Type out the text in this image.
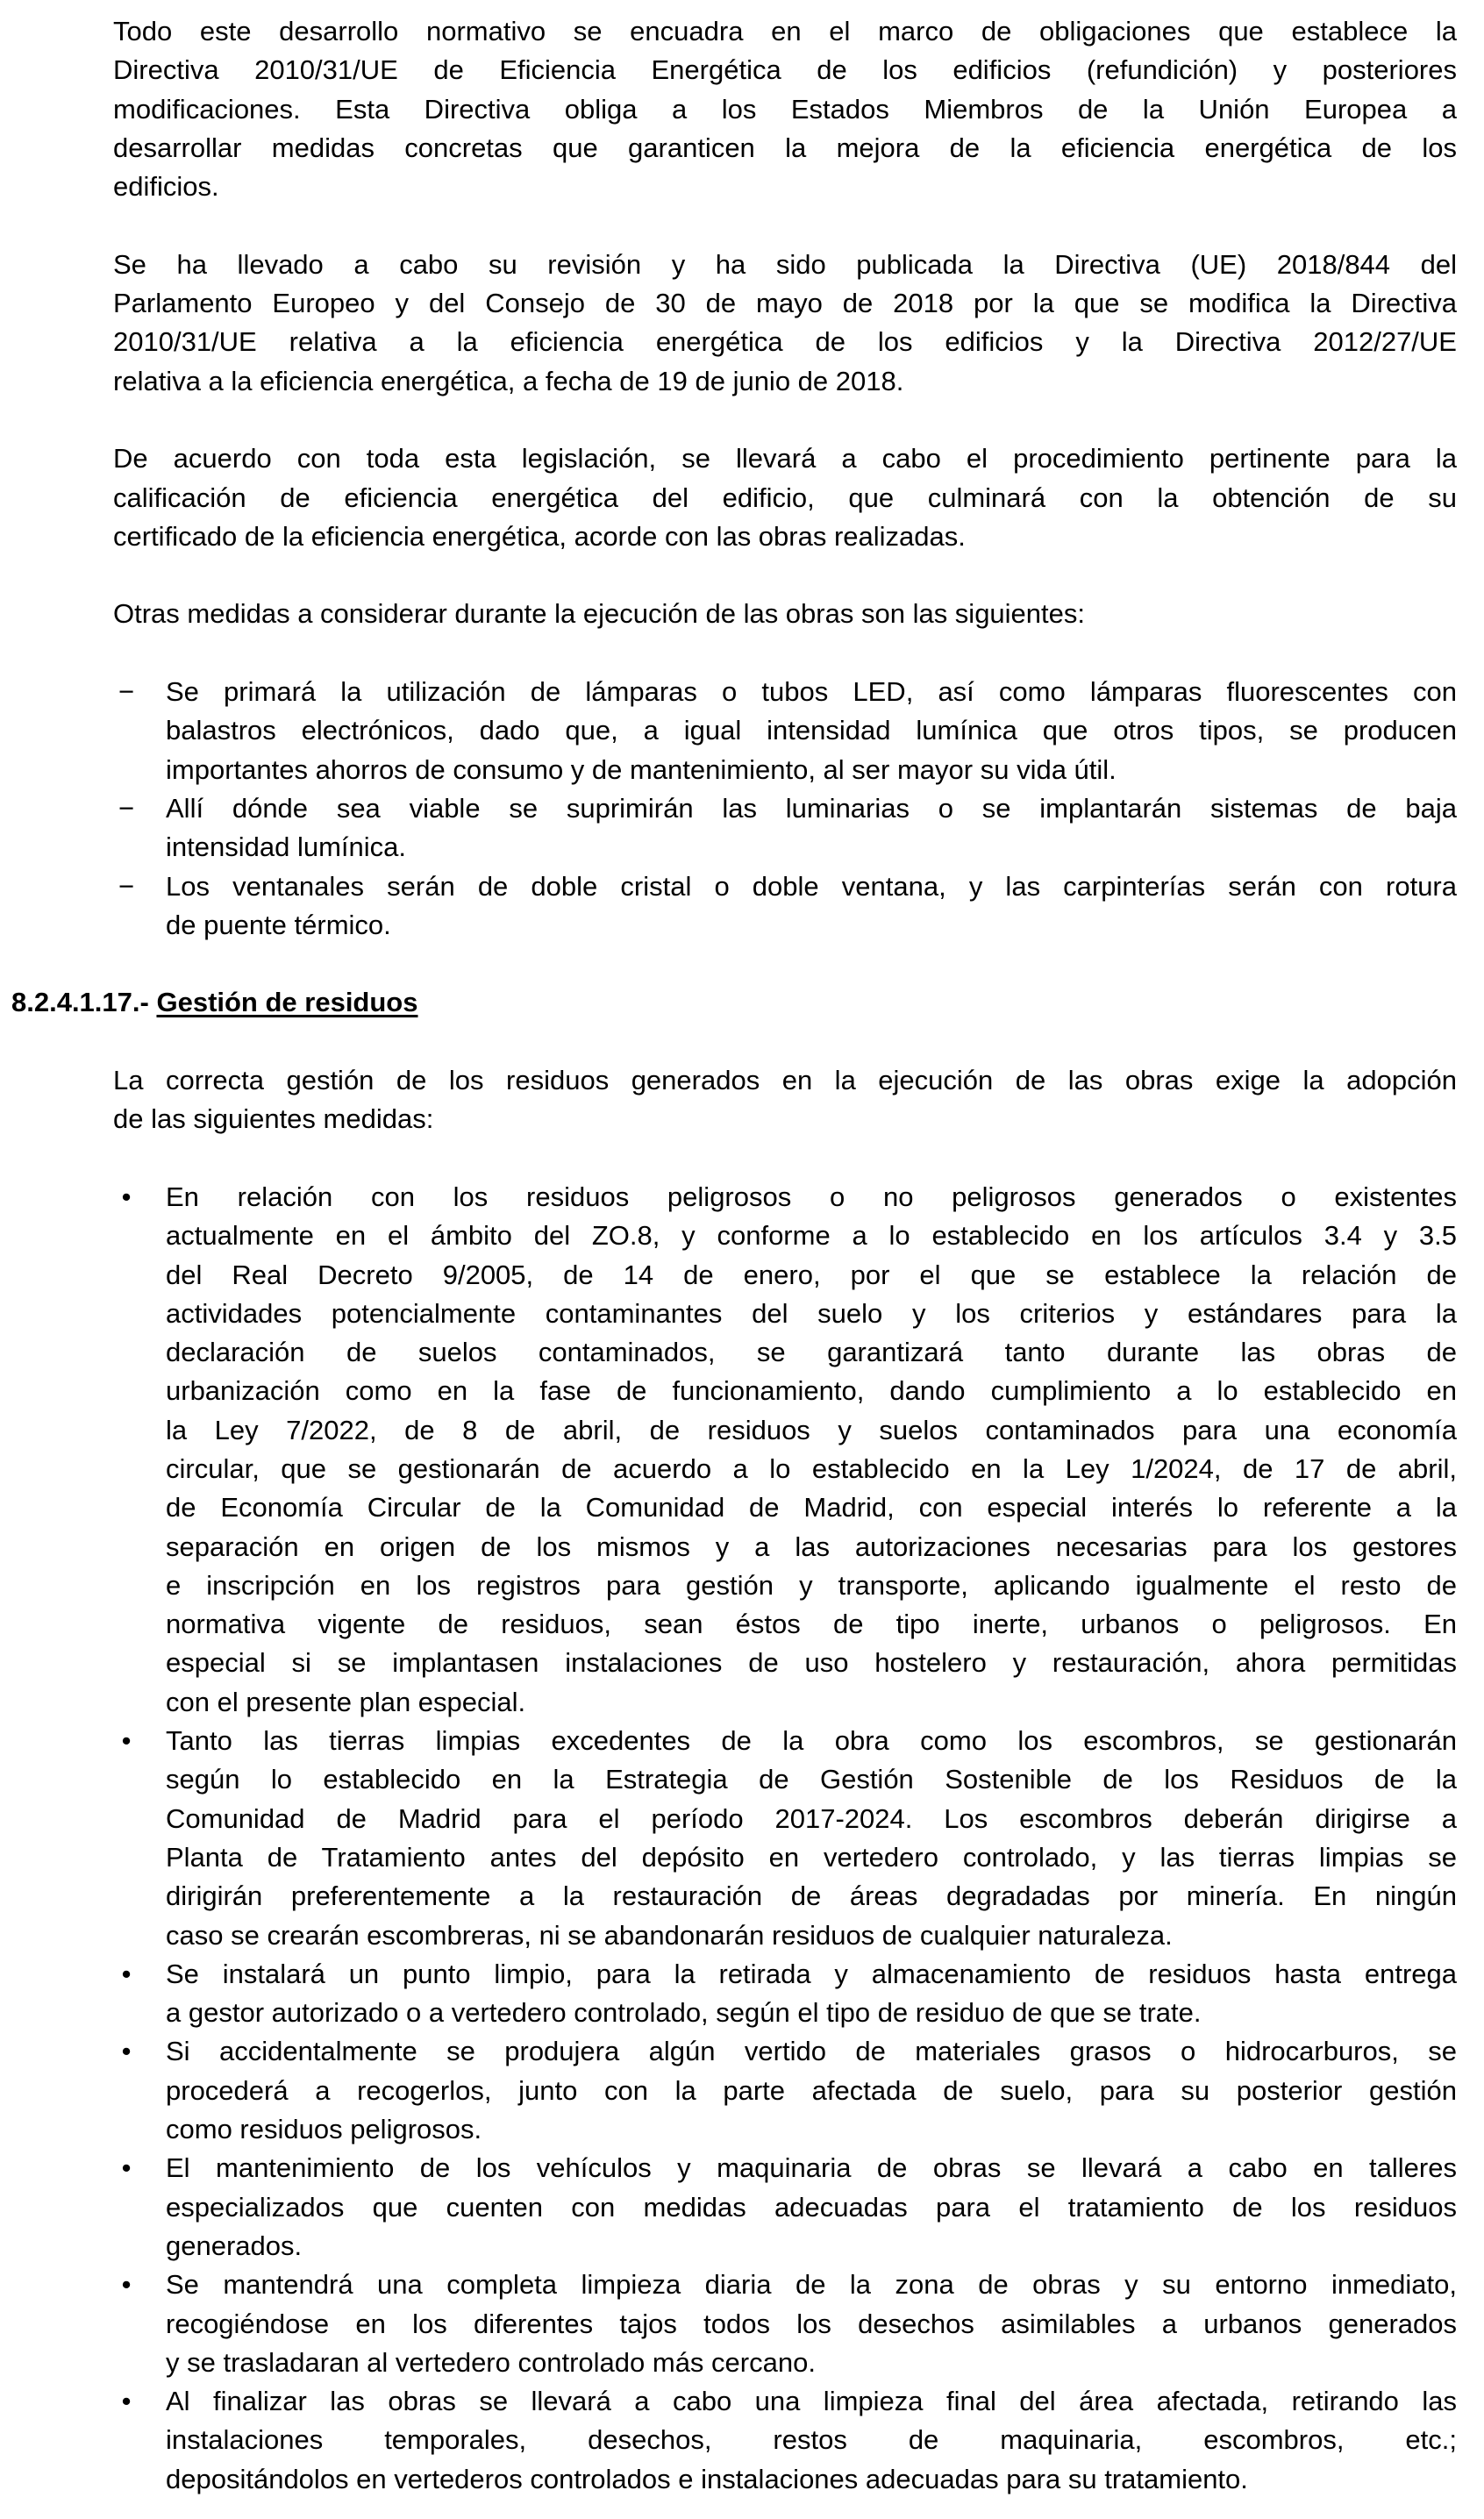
Todo este desarrollo normativo se encuadra en el marco de obligaciones que establece la
Directiva 2010/31/UE de Eficiencia Energética de los edificios (refundición) y posteriores
modificaciones. Esta Directiva obliga a los Estados Miembros de la Unión Europea a
desarrollar medidas concretas que garanticen la mejora de la eficiencia energética de los
edificios.
Se ha llevado a cabo su revisión y ha sido publicada la Directiva (UE) 2018/844 del
Parlamento Europeo y del Consejo de 30 de mayo de 2018 por la que se modifica la Directiva
2010/31/UE relativa a la eficiencia energética de los edificios y la Directiva 2012/27/UE
relativa a la eficiencia energética, a fecha de 19 de junio de 2018.
De acuerdo con toda esta legislación, se llevará a cabo el procedimiento pertinente para la
calificación de eficiencia energética del edificio, que culminará con la obtención de su
certificado de la eficiencia energética, acorde con las obras realizadas.
Otras medidas a considerar durante la ejecución de las obras son las siguientes:
− Se primará la utilización de lámparas o tubos LED, así como lámparas fluorescentes con
balastros electrónicos, dado que, a igual intensidad lumínica que otros tipos, se producen
importantes ahorros de consumo y de mantenimiento, al ser mayor su vida útil.
− Allí dónde sea viable se suprimirán las luminarias o se implantarán sistemas de baja
intensidad lumínica.
− Los ventanales serán de doble cristal o doble ventana, y las carpinterías serán con rotura
de puente térmico.
8.2.4.1.17.- Gestión de residuos
La correcta gestión de los residuos generados en la ejecución de las obras exige la adopción
de las siguientes medidas:
•	En relación con los residuos peligrosos o no peligrosos generados o existentes
actualmente en el ámbito del ZO.8, y conforme a lo establecido en los artículos 3.4 y 3.5
del Real Decreto 9/2005, de 14 de enero, por el que se establece la relación de
actividades potencialmente contaminantes del suelo y los criterios y estándares para la
declaración de suelos contaminados, se garantizará tanto durante las obras de
urbanización como en la fase de funcionamiento, dando cumplimiento a lo establecido en
la Ley 7/2022, de 8 de abril, de residuos y suelos contaminados para una economía
circular, que se gestionarán de acuerdo a lo establecido en la Ley 1/2024, de 17 de abril,
de Economía Circular de la Comunidad de Madrid, con especial interés lo referente a la
separación en origen de los mismos y a las autorizaciones necesarias para los gestores
e inscripción en los registros para gestión y transporte, aplicando igualmente el resto de
normativa vigente de residuos, sean éstos de tipo inerte, urbanos o peligrosos. En
especial si se implantasen instalaciones de uso hostelero y restauración, ahora permitidas
con el presente plan especial.
•	Tanto las tierras limpias excedentes de la obra como los escombros, se gestionarán
según lo establecido en la Estrategia de Gestión Sostenible de los Residuos de la
Comunidad de Madrid para el período 2017-2024. Los escombros deberán dirigirse a
Planta de Tratamiento antes del depósito en vertedero controlado, y las tierras limpias se
dirigirán preferentemente a la restauración de áreas degradadas por minería. En ningún
caso se crearán escombreras, ni se abandonarán residuos de cualquier naturaleza.
•	Se instalará un punto limpio, para la retirada y almacenamiento de residuos hasta entrega
a gestor autorizado o a vertedero controlado, según el tipo de residuo de que se trate.
•	Si accidentalmente se produjera algún vertido de materiales grasos o hidrocarburos, se
procederá a recogerlos, junto con la parte afectada de suelo, para su posterior gestión
como residuos peligrosos.
•	El mantenimiento de los vehículos y maquinaria de obras se llevará a cabo en talleres
especializados que cuenten con medidas adecuadas para el tratamiento de los residuos
generados.
•	Se mantendrá una completa limpieza diaria de la zona de obras y su entorno inmediato,
recogiéndose en los diferentes tajos todos los desechos asimilables a urbanos generados
y se trasladaran al vertedero controlado más cercano.
•	Al finalizar las obras se llevará a cabo una limpieza final del área afectada, retirando las
instalaciones temporales, desechos, restos de maquinaria, escombros, etc.;
depositándolos en vertederos controlados e instalaciones adecuadas para su tratamiento.
